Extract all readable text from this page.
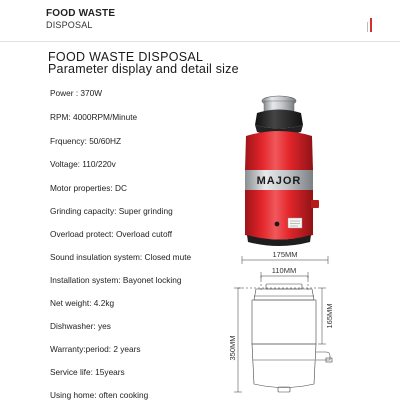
FOOD WASTE
DISPOSAL
FOOD WASTE DISPOSAL
Parameter display and detail size
Power : 370W
RPM: 4000RPM/Minute
Frquency: 50/60HZ
Voltage: 110/220v
Motor properties: DC
Grinding capacity: Super grinding
Overload protect: Overload cutoff
Sound insulation system: Closed mute
Installation system: Bayonet locking
Net weight: 4.2kg
Dishwasher: yes
Warranty:period: 2 years
Service life: 15years
Using home: often cooking
MAJOR
175MM
110MM
350MM
165MM
